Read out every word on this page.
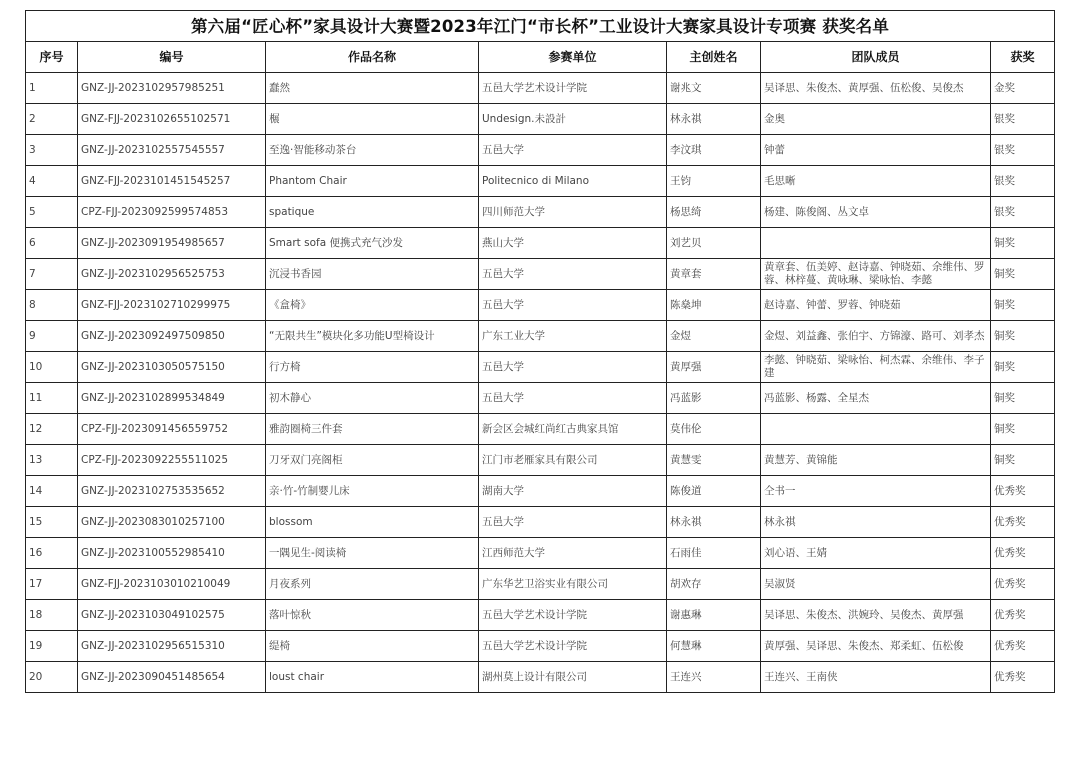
第六届“匠心杯”家具设计大赛暨2023年江门“市长杯”工业设计大赛家具设计专项赛 获奖名单						
序号	编号	作品名称	参赛单位	主创姓名	团队成员	获奖
1	GNZ-JJ-2023102957985251	蠢然	五邑大学艺术设计学院	谢兆文	吴译思、朱俊杰、黄厚强、伍松俊、吴俊杰	金奖
2	GNZ-FJJ-2023102655102571	榐	Undesign.未設計	林永祺	金奥	银奖
3	GNZ-JJ-2023102557545557	至逸·智能移动茶台	五邑大学	李汶琪	钟蕾	银奖
4	GNZ-FJJ-2023101451545257	Phantom Chair	Politecnico di Milano	王钧	毛思晰	银奖
5	CPZ-FJJ-2023092599574853	spatique	四川师范大学	杨思绮	杨建、陈俊阁、丛文卓	银奖
6	GNZ-JJ-2023091954985657	Smart sofa 便携式充气沙发	燕山大学	刘艺贝		铜奖
7	GNZ-JJ-2023102956525753	沉浸书香园	五邑大学	黄章套	黄章套、伍美婷、赵诗嘉、钟晓茹、余维伟、罗蓉、林梓蔓、黄咏琳、梁咏怡、李懿	铜奖
8	GNZ-FJJ-2023102710299975	《盒椅》	五邑大学	陈燊坤	赵诗嘉、钟蕾、罗蓉、钟晓茹	铜奖
9	GNZ-JJ-2023092497509850	“无限共生”模块化多功能U型椅设计	广东工业大学	金煜	金煜、刘益鑫、张伯宇、方锦濠、路可、刘孝杰	铜奖
10	GNZ-JJ-2023103050575150	行方椅	五邑大学	黄厚强	李懿、钟晓茹、梁咏怡、柯杰霖、余维伟、李子建	铜奖
11	GNZ-JJ-2023102899534849	初木静心	五邑大学	冯蓝影	冯蓝影、杨露、全星杰	铜奖
12	CPZ-FJJ-2023091456559752	雅韵圈椅三件套	新会区会城红尚红古典家具馆	莫伟伦		铜奖
13	CPZ-FJJ-2023092255511025	刀牙双门亮阁柜	江门市老雁家具有限公司	黄慧雯	黄慧芳、黄锦能	铜奖
14	GNZ-JJ-2023102753535652	亲·竹-竹制婴儿床	湖南大学	陈俊道	仝书一	优秀奖
15	GNZ-JJ-2023083010257100	blossom	五邑大学	林永祺	林永祺	优秀奖
16	GNZ-JJ-2023100552985410	一隅见生-阅读椅	江西师范大学	石雨佳	刘心语、王婧	优秀奖
17	GNZ-FJJ-2023103010210049	月夜系列	广东华艺卫浴实业有限公司	胡欢存	吴淑贤	优秀奖
18	GNZ-JJ-2023103049102575	落叶惊秋	五邑大学艺术设计学院	谢惠琳	吴译思、朱俊杰、洪婉玲、吴俊杰、黄厚强	优秀奖
19	GNZ-JJ-2023102956515310	缇椅	五邑大学艺术设计学院	何慧琳	黄厚强、吴译思、朱俊杰、郑柔虹、伍松俊	优秀奖
20	GNZ-JJ-2023090451485654	loust chair	湖州莫上设计有限公司	王连兴	王连兴、王南侠	优秀奖
